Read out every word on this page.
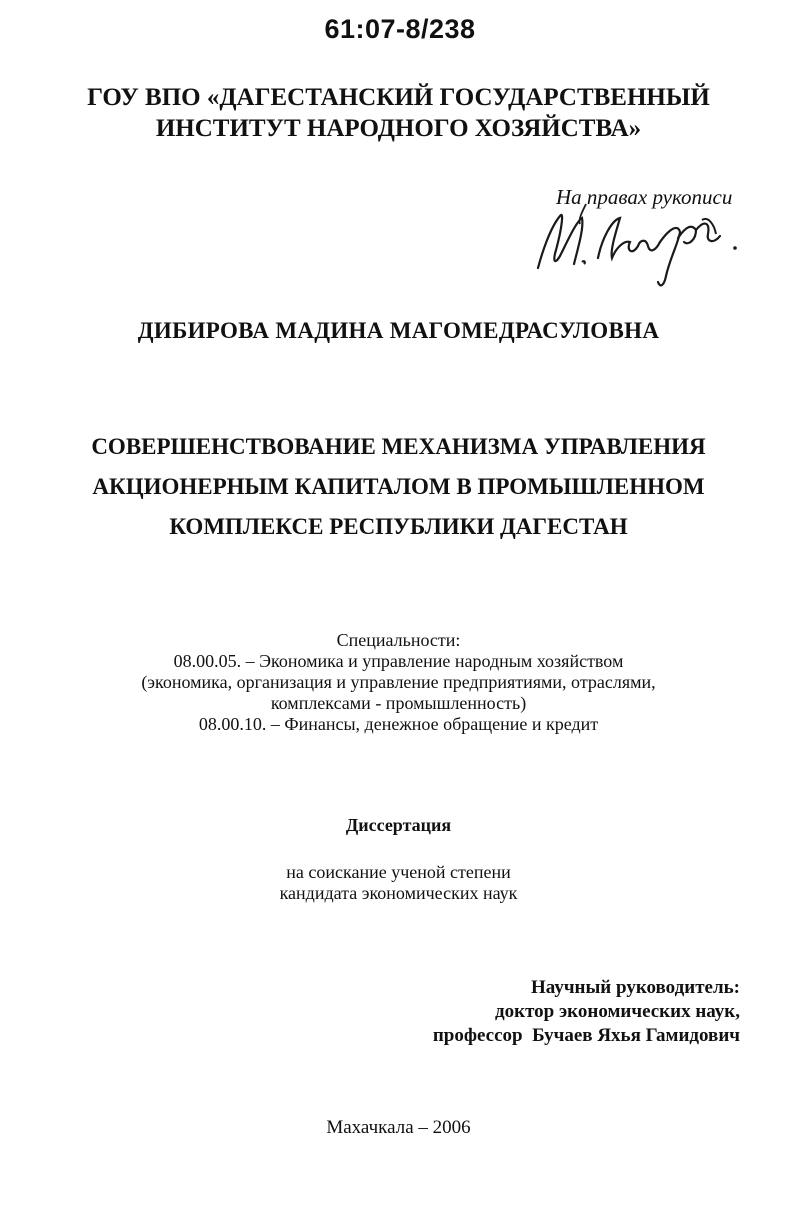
61:07-8/238
ГОУ ВПО «ДАГЕСТАНСКИЙ ГОСУДАРСТВЕННЫЙ
ИНСТИТУТ НАРОДНОГО ХОЗЯЙСТВА»
На правах рукописи
ДИБИРОВА МАДИНА МАГОМЕДРАСУЛОВНА
СОВЕРШЕНСТВОВАНИЕ МЕХАНИЗМА УПРАВЛЕНИЯ
АКЦИОНЕРНЫМ КАПИТАЛОМ В ПРОМЫШЛЕННОМ
КОМПЛЕКСЕ РЕСПУБЛИКИ ДАГЕСТАН
Специальности:
08.00.05. – Экономика и управление народным хозяйством
(экономика, организация и управление предприятиями, отраслями,
комплексами - промышленность)
08.00.10. – Финансы, денежное обращение и кредит
Диссертация
на соискание ученой степени
кандидата экономических наук
Научный руководитель:
доктор экономических наук,
профессор  Бучаев Яхья Гамидович
Махачкала – 2006
